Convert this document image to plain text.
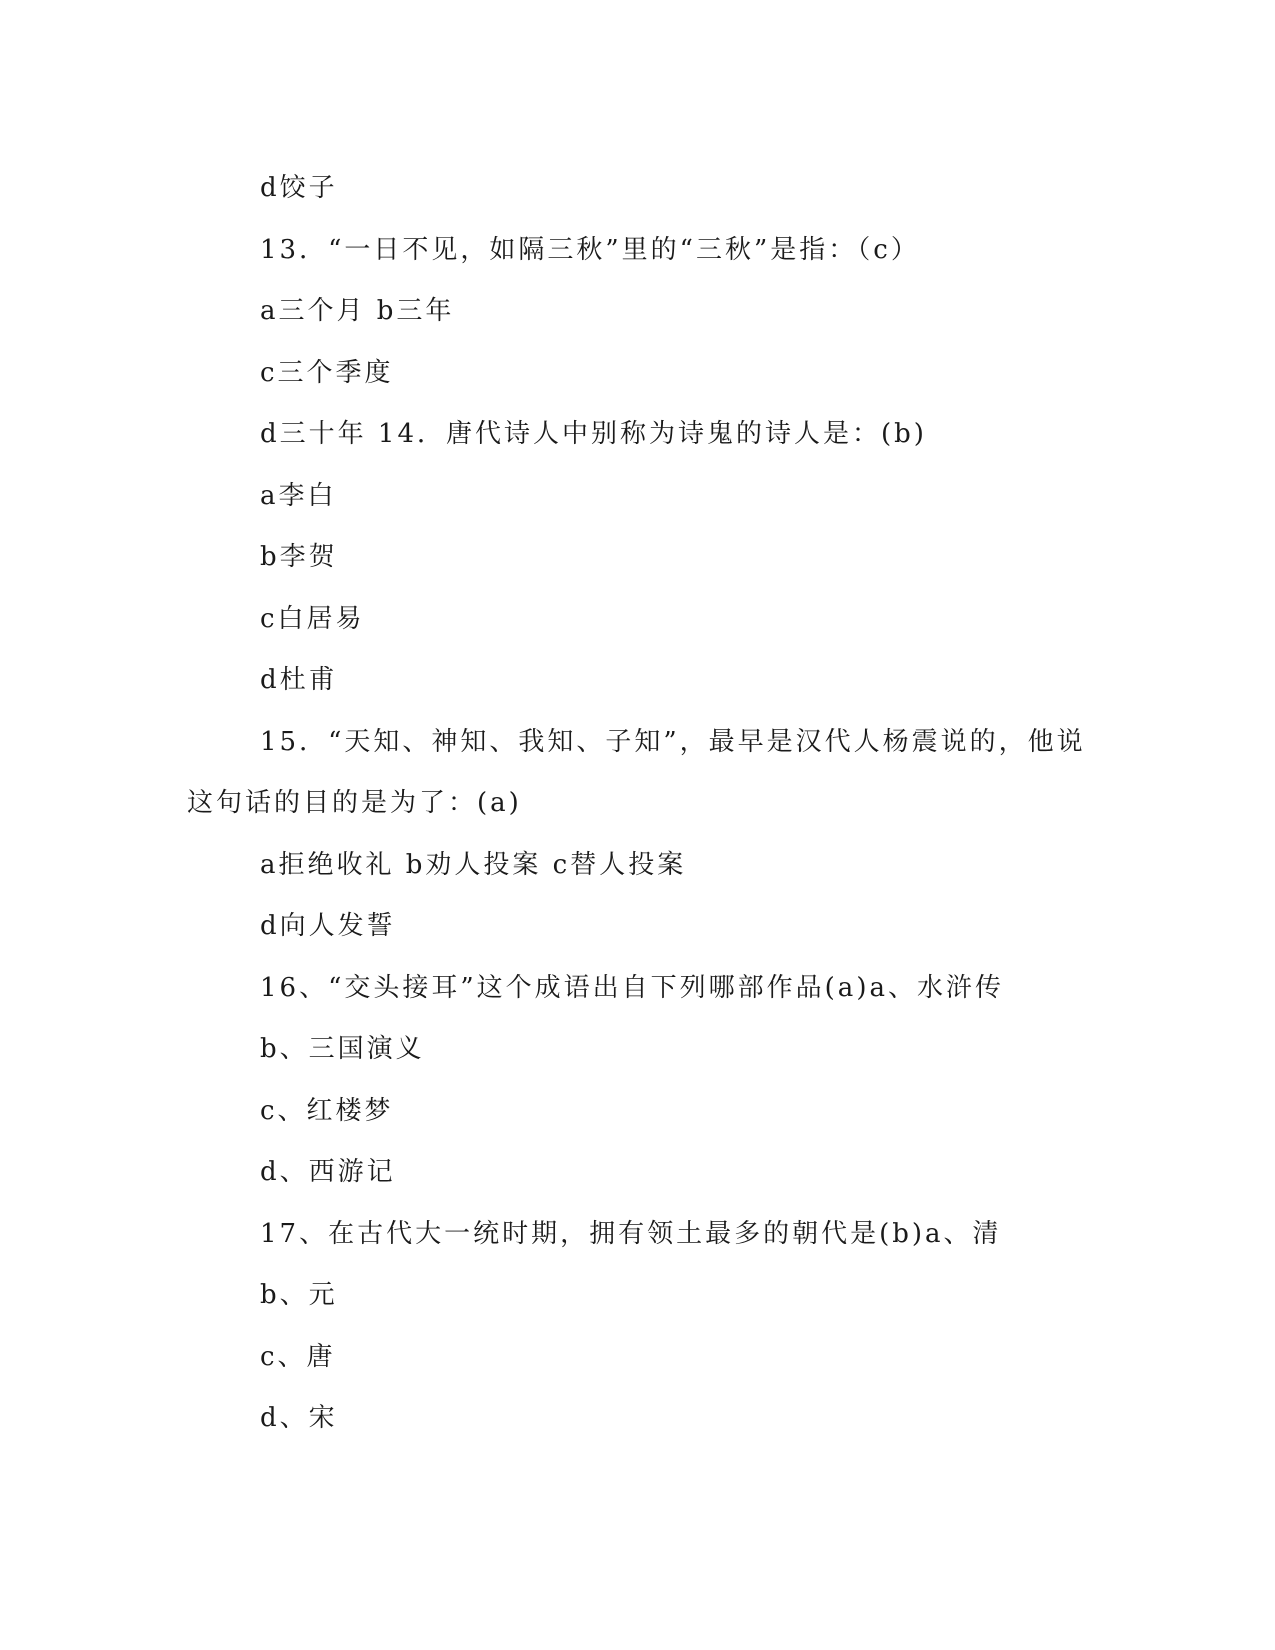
d饺子
13．“一日不见，如隔三秋”里的“三秋”是指：（c）
a三个月 b三年
c三个季度
d三十年 14．唐代诗人中别称为诗鬼的诗人是：(b)
a李白
b李贺
c白居易
d杜甫
15．“天知、神知、我知、子知”，最早是汉代人杨震说的，他说
这句话的目的是为了：(a)
a拒绝收礼 b劝人投案 c替人投案
d向人发誓
16、“交头接耳”这个成语出自下列哪部作品(a)a、水浒传
b、三国演义
c、红楼梦
d、西游记
17、在古代大一统时期，拥有领土最多的朝代是(b)a、清
b、元
c、唐
d、宋
